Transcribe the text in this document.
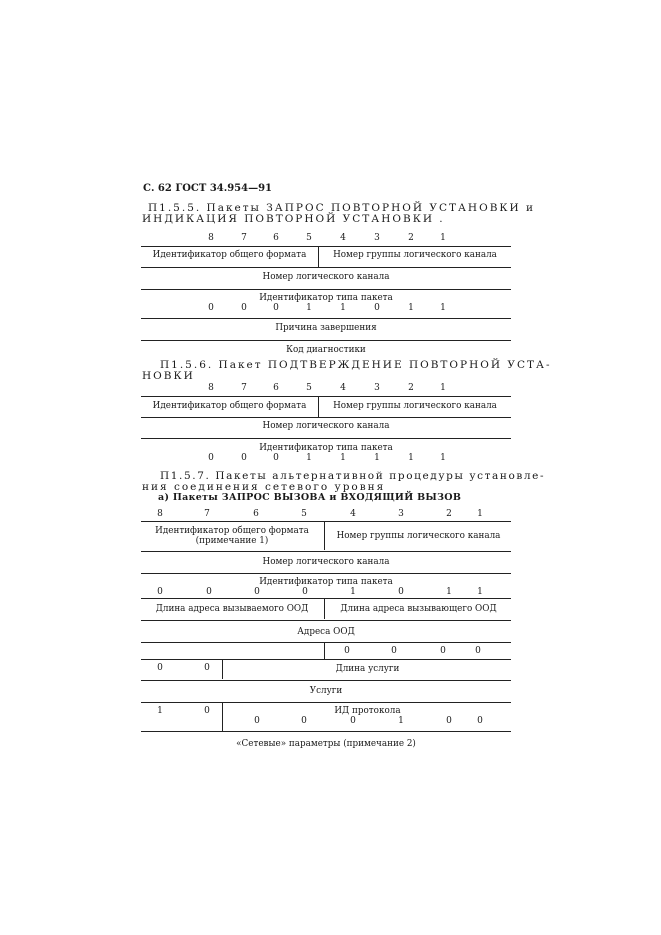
С. 62 ГОСТ 34.954—91
П1.5.5. Пакеты ЗАПРОС ПОВТОРНОЙ УСТАНОВКИ и
ИНДИКАЦИЯ ПОВТОРНОЙ УСТАНОВКИ .
8	7	6	5	4	3	2	1
Идентификатор общего формата	Номер группы логического канала
Номер логического канала
Идентификатор типа пакета
0	0	0	1	1	0	1	1
Причина завершения
Код диагностики
П1.5.6. Пакет ПОДТВЕРЖДЕНИЕ ПОВТОРНОЙ УСТА-
НОВКИ
8	7	6	5	4	3	2	1
Идентификатор общего формата	Номер группы логического канала
Номер логического канала
Идентификатор типа пакета
0	0	0	1	1	1	1	1
П1.5.7. Пакеты альтернативной процедуры установле-
ния соединения сетевого уровня
а) Пакеты ЗАПРОС ВЫЗОВА и ВХОДЯЩИЙ ВЫЗОВ
8	7	6	5	4	3	2	1
Идентификатор общего формата
(примечание 1)	Номер группы логического канала
Номер логического канала
Идентификатор типа пакета
0	0	0	0	1	0	1	1
Длина адреса вызываемого ООД	Длина адреса вызывающего ООД
Адреса ООД
0	0	0	0
0	0	Длина услуги
Услуги
1	0	ИД протокола
0	0	0	1	0	0
«Сетевые» параметры (примечание 2)
